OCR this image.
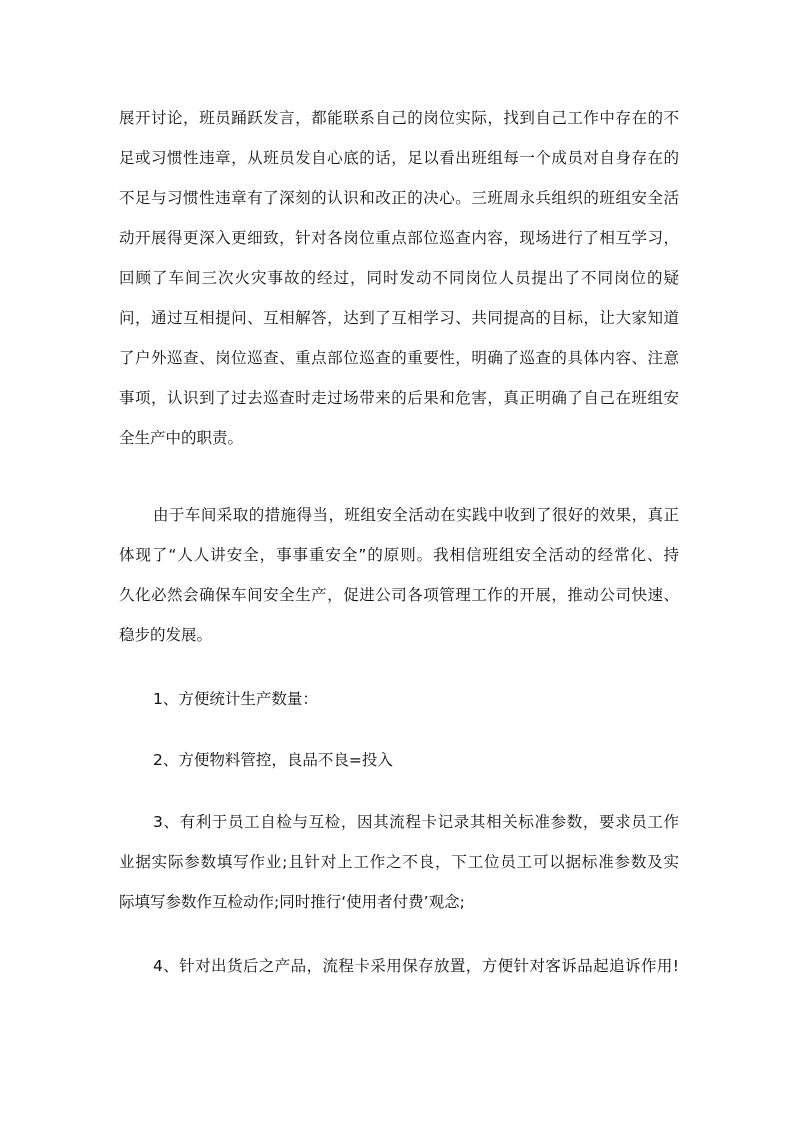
展开讨论，班员踊跃发言，都能联系自己的岗位实际，找到自己工作中存在的不
足或习惯性违章，从班员发自心底的话，足以看出班组每一个成员对自身存在的
不足与习惯性违章有了深刻的认识和改正的决心。三班周永兵组织的班组安全活
动开展得更深入更细致，针对各岗位重点部位巡查内容，现场进行了相互学习，
回顾了车间三次火灾事故的经过，同时发动不同岗位人员提出了不同岗位的疑
问，通过互相提问、互相解答，达到了互相学习、共同提高的目标，让大家知道
了户外巡查、岗位巡查、重点部位巡查的重要性，明确了巡查的具体内容、注意
事项，认识到了过去巡查时走过场带来的后果和危害，真正明确了自己在班组安
全生产中的职责。
由于车间采取的措施得当，班组安全活动在实践中收到了很好的效果，真正
体现了“人人讲安全，事事重安全”的原则。我相信班组安全活动的经常化、持
久化必然会确保车间安全生产，促进公司各项管理工作的开展，推动公司快速、
稳步的发展。
1、方便统计生产数量：
2、方便物料管控，良品不良=投入
3、有利于员工自检与互检，因其流程卡记录其相关标准参数，要求员工作
业据实际参数填写作业;且针对上工作之不良，下工位员工可以据标准参数及实
际填写参数作互检动作;同时推行‘使用者付费’观念;
4、针对出货后之产品，流程卡采用保存放置，方便针对客诉品起追诉作用!
